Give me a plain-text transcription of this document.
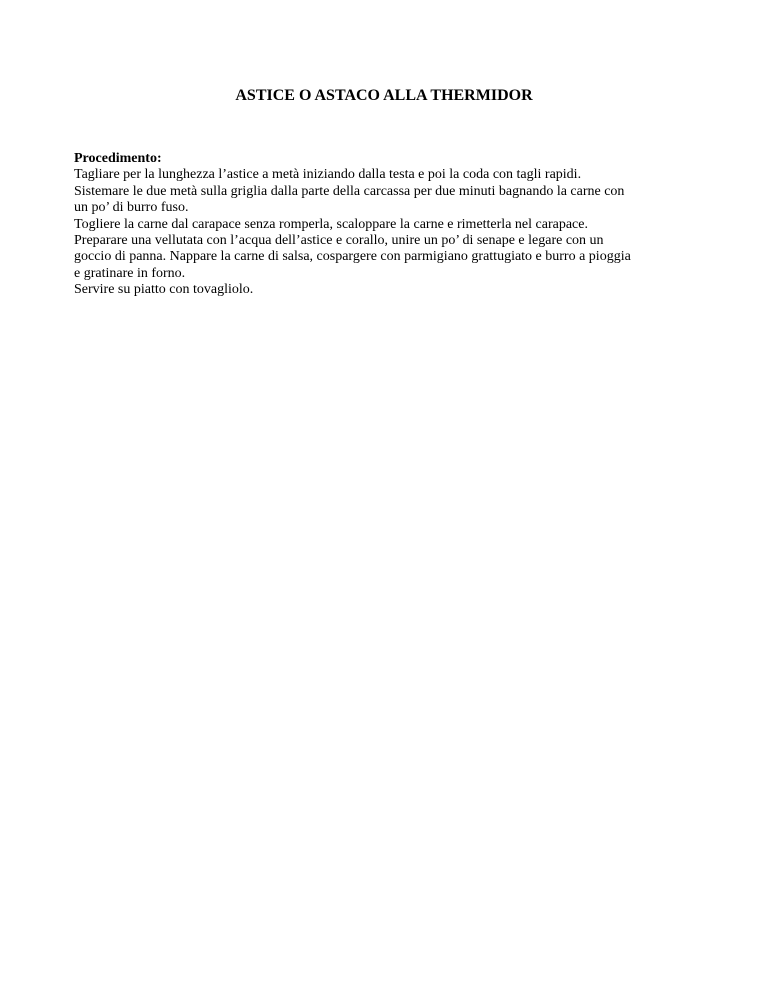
ASTICE O ASTACO ALLA THERMIDOR

Procedimento:

Tagliare per la lunghezza l’astice a metà iniziando dalla testa e poi la coda con tagli rapidi.

Sistemare le due metà sulla griglia dalla parte della carcassa per due minuti bagnando la carne con

un po’ di burro fuso.

Togliere la carne dal carapace senza romperla, scaloppare la carne e rimetterla nel carapace.

Preparare una vellutata con l’acqua dell’astice e corallo, unire un po’ di senape e legare con un

goccio di panna. Nappare la carne di salsa, cospargere con parmigiano grattugiato e burro a pioggia

e gratinare in forno.

Servire su piatto con tovagliolo.
